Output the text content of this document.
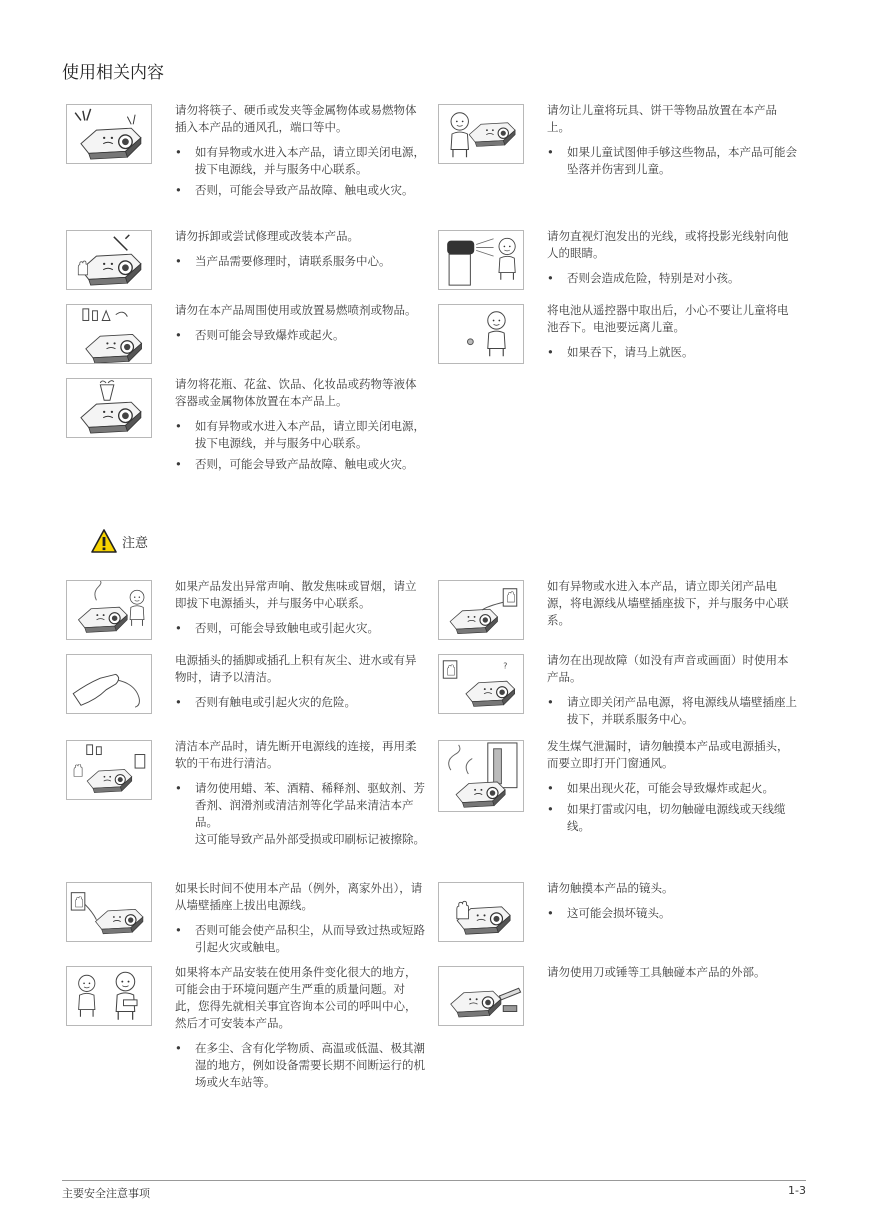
使用相关内容

请勿将筷子、硬币或发夹等金属物体或易燃物体插入本产品的通风孔，端口等中。

• 如有异物或水进入本产品，请立即关闭电源，拔下电源线，并与服务中心联系。
• 否则，可能会导致产品故障、触电或火灾。

请勿拆卸或尝试修理或改装本产品。

• 当产品需要修理时，请联系服务中心。

请勿在本产品周围使用或放置易燃喷剂或物品。

• 否则可能会导致爆炸或起火。

请勿将花瓶、花盆、饮品、化妆品或药物等液体容器或金属物体放置在本产品上。

• 如有异物或水进入本产品，请立即关闭电源，拔下电源线，并与服务中心联系。
• 否则，可能会导致产品故障、触电或火灾。

请勿让儿童将玩具、饼干等物品放置在本产品上。

• 如果儿童试图伸手够这些物品，本产品可能会坠落并伤害到儿童。

请勿直视灯泡发出的光线，或将投影光线射向他人的眼睛。

• 否则会造成危险，特别是对小孩。

将电池从遥控器中取出后，小心不要让儿童将电池吞下。电池要远离儿童。

• 如果吞下，请马上就医。
注意

如果产品发出异常声响、散发焦味或冒烟，请立即拔下电源插头，并与服务中心联系。

• 否则，可能会导致触电或引起火灾。

电源插头的插脚或插孔上积有灰尘、进水或有异物时，请予以清洁。

• 否则有触电或引起火灾的危险。

清洁本产品时，请先断开电源线的连接，再用柔软的干布进行清洁。

• 请勿使用蜡、苯、酒精、稀释剂、驱蚊剂、芳香剂、润滑剂或清洁剂等化学品来清洁本产品。
这可能导致产品外部受损或印刷标记被擦除。

如果长时间不使用本产品（例外，离家外出），请从墙壁插座上拔出电源线。

• 否则可能会使产品积尘，从而导致过热或短路引起火灾或触电。

如果将本产品安装在使用条件变化很大的地方，可能会由于环境问题产生严重的质量问题。对此，您得先就相关事宜咨询本公司的呼叫中心，然后才可安装本产品。

• 在多尘、含有化学物质、高温或低温、极其潮湿的地方，例如设备需要长期不间断运行的机场或火车站等。

如有异物或水进入本产品，请立即关闭产品电源，将电源线从墙壁插座拔下，并与服务中心联系。

?	请勿在出现故障（如没有声音或画面）时使用本产品。

• 请立即关闭产品电源，将电源线从墙壁插座上拔下，并联系服务中心。

发生煤气泄漏时，请勿触摸本产品或电源插头，而要立即打开门窗通风。

• 如果出现火花，可能会导致爆炸或起火。
• 如果打雷或闪电，切勿触碰电源线或天线缆线。

请勿触摸本产品的镜头。

• 这可能会损坏镜头。

请勿使用刀或锤等工具触碰本产品的外部。

主要安全注意事项	1-3
